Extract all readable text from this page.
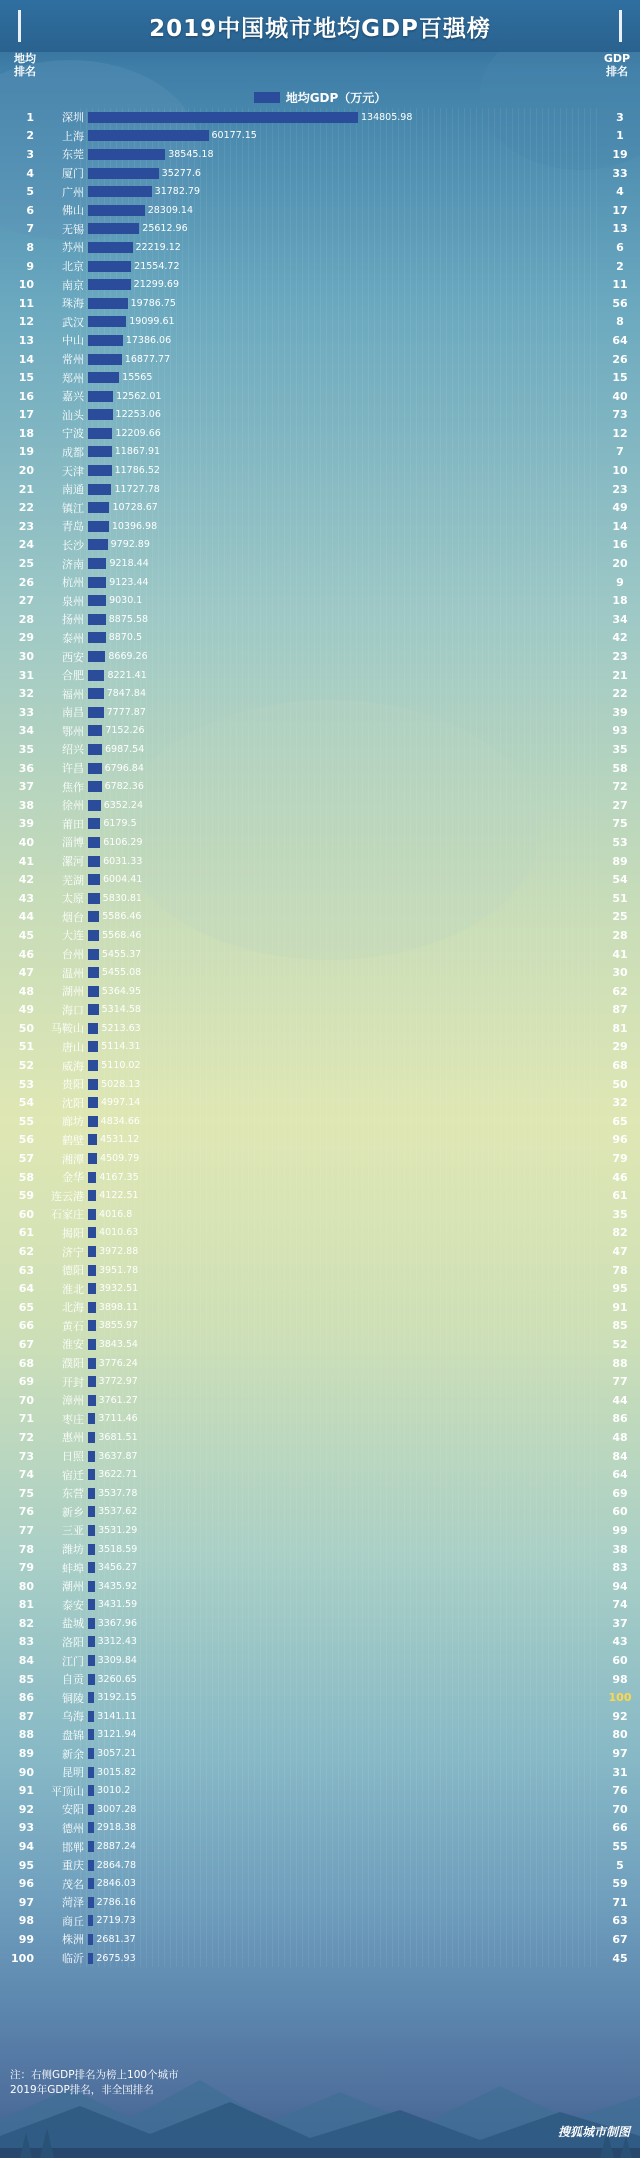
2019中国城市地均GDP百强榜
地均
排名
GDP
排名
地均GDP（万元）
1	深圳	134805.98	3
2	上海	60177.15	1
3	东莞	38545.18	19
4	厦门	35277.6	33
5	广州	31782.79	4
6	佛山	28309.14	17
7	无锡	25612.96	13
8	苏州	22219.12	6
9	北京	21554.72	2
10	南京	21299.69	11
11	珠海	19786.75	56
12	武汉	19099.61	8
13	中山	17386.06	64
14	常州	16877.77	26
15	郑州	15565	15
16	嘉兴	12562.01	40
17	汕头	12253.06	73
18	宁波	12209.66	12
19	成都	11867.91	7
20	天津	11786.52	10
21	南通	11727.78	23
22	镇江	10728.67	49
23	青岛	10396.98	14
24	长沙	9792.89	16
25	济南	9218.44	20
26	杭州	9123.44	9
27	泉州	9030.1	18
28	扬州	8875.58	34
29	泰州	8870.5	42
30	西安	8669.26	23
31	合肥	8221.41	21
32	福州	7847.84	22
33	南昌	7777.87	39
34	鄂州	7152.26	93
35	绍兴	6987.54	35
36	许昌	6796.84	58
37	焦作	6782.36	72
38	徐州	6352.24	27
39	莆田	6179.5	75
40	淄博	6106.29	53
41	漯河	6031.33	89
42	芜湖	6004.41	54
43	太原	5830.81	51
44	烟台	5586.46	25
45	大连	5568.46	28
46	台州	5455.37	41
47	温州	5455.08	30
48	湖州	5364.95	62
49	海口	5314.58	87
50	马鞍山	5213.63	81
51	唐山	5114.31	29
52	威海	5110.02	68
53	贵阳	5028.13	50
54	沈阳	4997.14	32
55	廊坊	4834.66	65
56	鹤壁	4531.12	96
57	湘潭	4509.79	79
58	金华	4167.35	46
59	连云港	4122.51	61
60	石家庄	4016.8	35
61	揭阳	4010.63	82
62	济宁	3972.88	47
63	德阳	3951.78	78
64	淮北	3932.51	95
65	北海	3898.11	91
66	黄石	3855.97	85
67	淮安	3843.54	52
68	濮阳	3776.24	88
69	开封	3772.97	77
70	漳州	3761.27	44
71	枣庄	3711.46	86
72	惠州	3681.51	48
73	日照	3637.87	84
74	宿迁	3622.71	64
75	东营	3537.78	69
76	新乡	3537.62	60
77	三亚	3531.29	99
78	潍坊	3518.59	38
79	蚌埠	3456.27	83
80	潮州	3435.92	94
81	泰安	3431.59	74
82	盐城	3367.96	37
83	洛阳	3312.43	43
84	江门	3309.84	60
85	自贡	3260.65	98
86	铜陵	3192.15	100
87	乌海	3141.11	92
88	盘锦	3121.94	80
89	新余	3057.21	97
90	昆明	3015.82	31
91	平顶山	3010.2	76
92	安阳	3007.28	70
93	德州	2918.38	66
94	邯郸	2887.24	55
95	重庆	2864.78	5
96	茂名	2846.03	59
97	菏泽	2786.16	71
98	商丘	2719.73	63
99	株洲	2681.37	67
100	临沂	2675.93	45
注：右侧GDP排名为榜上100个城市
2019年GDP排名，非全国排名
搜狐城市制图
